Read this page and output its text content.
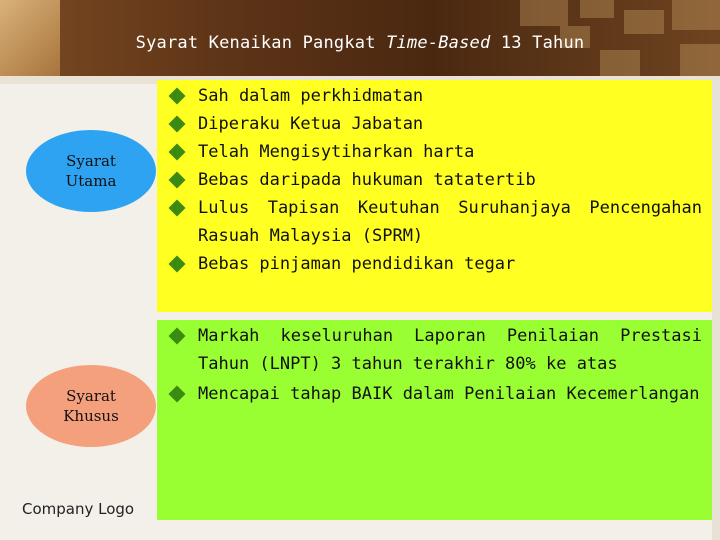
Syarat Kenaikan Pangkat Time-Based 13 Tahun
Syarat
Utama
Syarat
Khusus
Sah dalam perkhidmatan
Diperaku Ketua Jabatan
Telah Mengisytiharkan harta
Bebas daripada hukuman tatatertib
Lulus Tapisan Keutuhan Suruhanjaya Pencengahan Rasuah Malaysia (SPRM)
Bebas pinjaman pendidikan tegar
Markah keseluruhan Laporan Penilaian Prestasi Tahun (LNPT) 3 tahun terakhir 80% ke atas
Mencapai tahap BAIK dalam Penilaian Kecemerlangan
Company Logo
